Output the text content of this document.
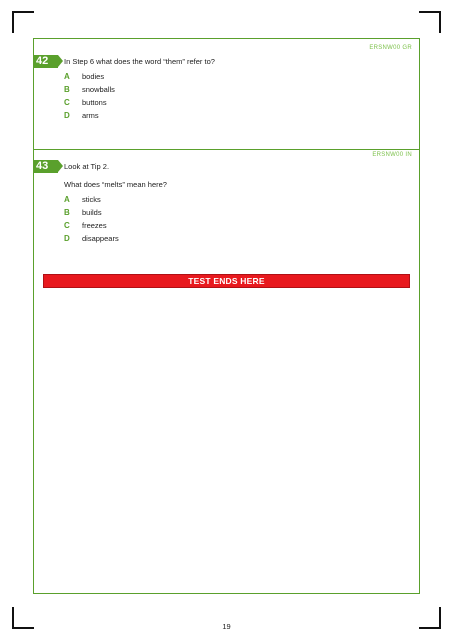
ERSNW00 GR
42	In Step 6 what does the word “them” refer to?
A bodies
B snowballs
C buttons
D arms
ERSNW00 IN
43	Look at Tip 2.
What does “melts” mean here?
A sticks
B builds
C freezes
D disappears
TEST ENDS HERE
19
